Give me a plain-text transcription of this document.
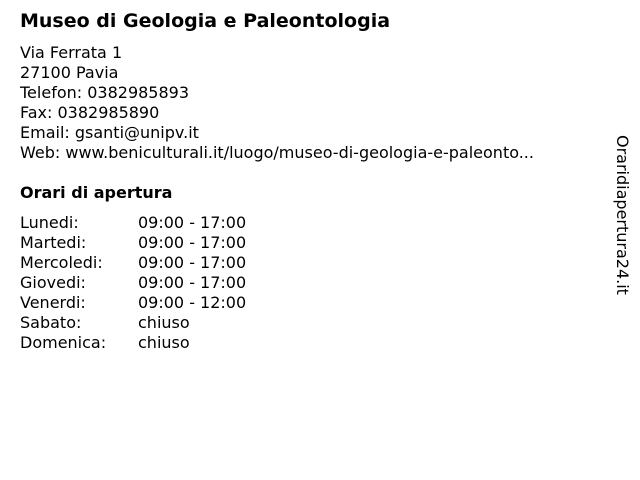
Museo di Geologia e Paleontologia
Via Ferrata 1
27100 Pavia
Telefon: 0382985893
Fax: 0382985890
Email: gsanti@unipv.it
Web: www.beniculturali.it/luogo/museo-di-geologia-e-paleonto...
Orari di apertura
Lunedi:	09:00 - 17:00
Martedi:	09:00 - 17:00
Mercoledi: 09:00 - 17:00
Giovedi:	09:00 - 17:00
Venerdi:	09:00 - 12:00
Sabato:	chiuso
Domenica: chiuso
Oraridiapertura24.it
